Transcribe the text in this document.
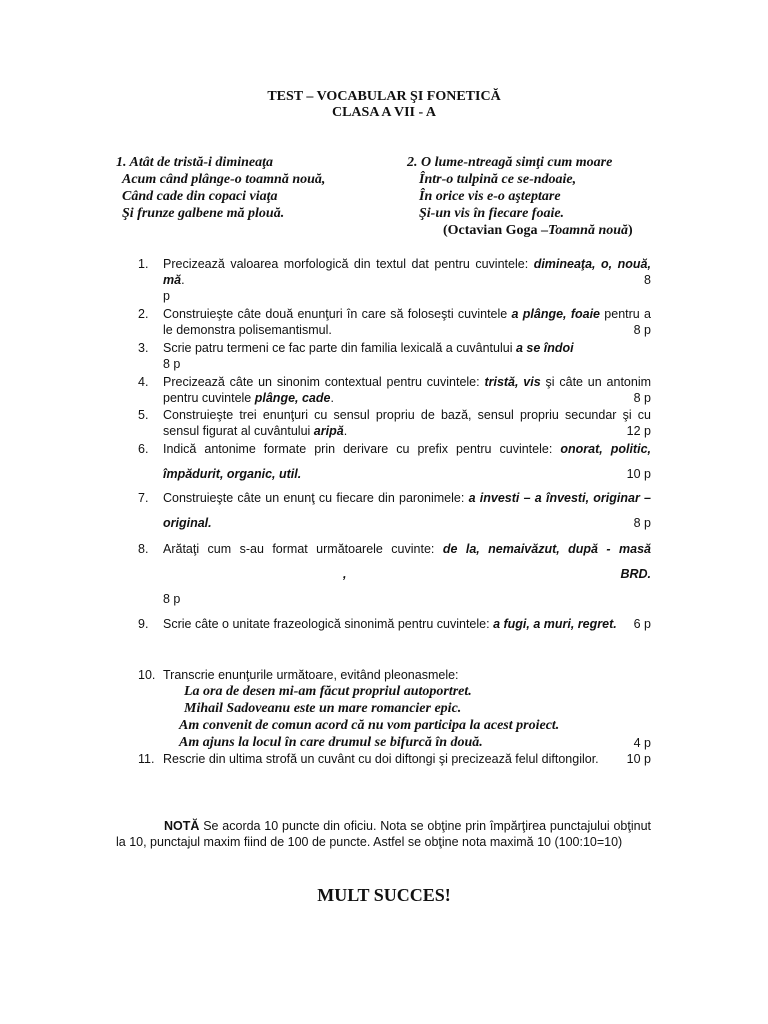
TEST – VOCABULAR ŞI FONETICĂ
CLASA A VII - A
1. Atât de tristă-i dimineaţa
Acum când plânge-o toamnă nouă,
Când cade din copaci viaţa
Şi frunze galbene mă plouă.
2. O lume-ntreagă simţi cum moare
Într-o tulpină ce se-ndoaie,
În orice vis e-o aşteptare
Şi-un vis în fiecare foaie.
(Octavian Goga –Toamnă nouă)
1.	Precizează valoarea morfologică din textul dat pentru cuvintele: dimineaţa, o, nouă, mă.	8
p
2.	Construieşte câte două enunţuri în care să foloseşti cuvintele a plânge, foaie pentru a le demonstra polisemantismul.	8 p
3.	Scrie patru termeni ce fac parte din familia lexicală a cuvântului a se îndoi
8 p
4.	Precizează câte un sinonim contextual pentru cuvintele: tristă, vis şi câte un antonim pentru cuvintele plânge, cade.	8 p
5.	Construieşte trei enunţuri cu sensul propriu de bază, sensul propriu secundar şi cu sensul figurat al cuvântului aripă.	12 p
6.	Indică antonime formate prin derivare cu prefix pentru cuvintele: onorat, politic, împădurit, organic, util.	10 p
7.	Construieşte câte un enunţ cu fiecare din paronimele: a investi – a învesti, originar – original.	8 p
8.	Arătaţi cum s-au format următoarele cuvinte: de la, nemaivăzut, după - masă ,	BRD.
8 p
9.	Scrie câte o unitate frazeologică sinonimă pentru cuvintele: a fugi, a muri, regret. 6 p
10. Transcrie enunţurile următoare, evitând pleonasmele:
La ora de desen mi-am făcut propriul autoportret.
Mihail Sadoveanu este un mare romancier epic.
Am convenit de comun acord că nu vom participa la acest proiect.
Am ajuns la locul în care drumul se bifurcă în două.	4 p
11. Rescrie din ultima strofă un cuvânt cu doi diftongi şi precizează felul diftongilor. 10 p
NOTĂ Se acorda 10 puncte din oficiu. Nota se obţine prin împărţirea punctajului obţinut la 10, punctajul maxim fiind de 100 de puncte. Astfel se obţine nota maximă 10 (100:10=10)
MULT SUCCES!
